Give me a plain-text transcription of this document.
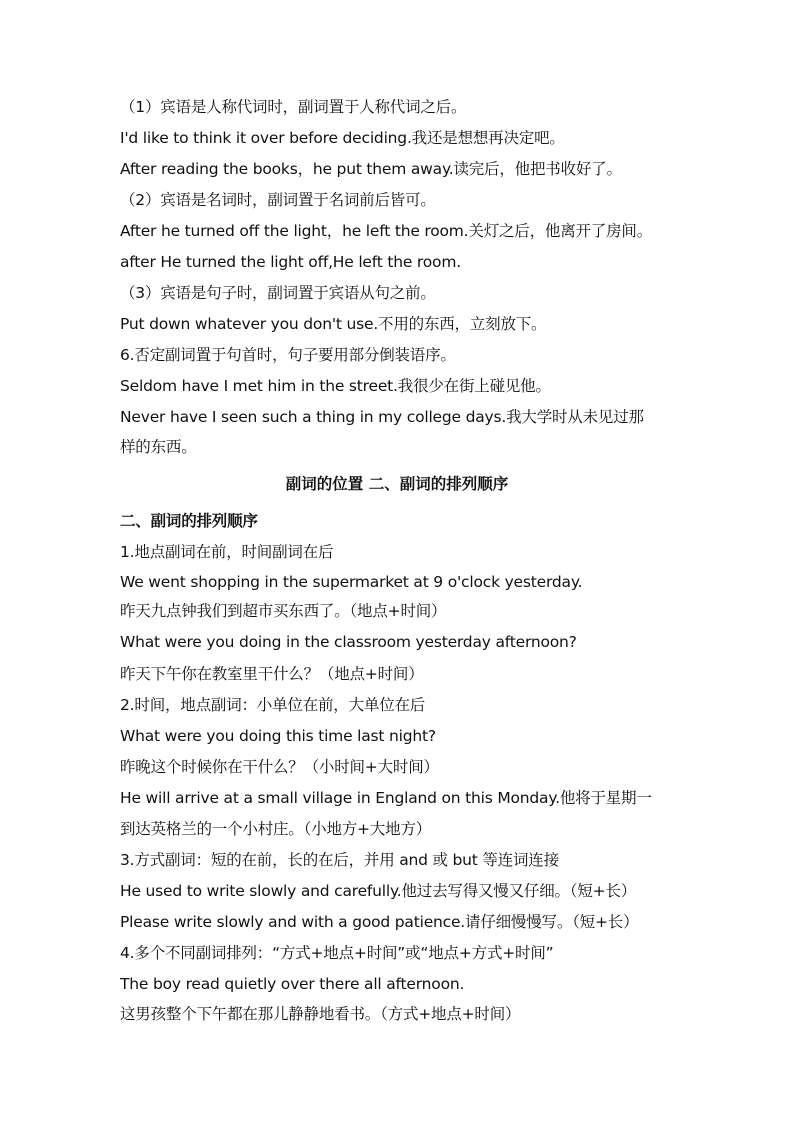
（1）宾语是人称代词时，副词置于人称代词之后。
I'd like to think it over before deciding.我还是想想再决定吧。
After reading the books，he put them away.读完后，他把书收好了。
（2）宾语是名词时，副词置于名词前后皆可。
After he turned off the light，he left the room.关灯之后，他离开了房间。
after He turned the light off,He left the room.
（3）宾语是句子时，副词置于宾语从句之前。
Put down whatever you don't use.不用的东西，立刻放下。
6.否定副词置于句首时，句子要用部分倒装语序。
Seldom have I met him in the street.我很少在街上碰见他。
Never have I seen such a thing in my college days.我大学时从未见过那
样的东西。
副词的位置 二、副词的排列顺序
二、副词的排列顺序
1.地点副词在前，时间副词在后
We went shopping in the supermarket at 9 o'clock yesterday.
昨天九点钟我们到超市买东西了。（地点+时间）
What were you doing in the classroom yesterday afternoon?
昨天下午你在教室里干什么？（地点+时间）
2.时间，地点副词：小单位在前，大单位在后
What were you doing this time last night?
昨晚这个时候你在干什么？（小时间+大时间）
He will arrive at a small village in England on this Monday.他将于星期一
到达英格兰的一个小村庄。（小地方+大地方）
3.方式副词：短的在前，长的在后，并用 and 或 but 等连词连接
He used to write slowly and carefully.他过去写得又慢又仔细。（短+长）
Please write slowly and with a good patience.请仔细慢慢写。（短+长）
4.多个不同副词排列：“方式+地点+时间”或“地点+方式+时间”
The boy read quietly over there all afternoon.
这男孩整个下午都在那儿静静地看书。（方式+地点+时间）
